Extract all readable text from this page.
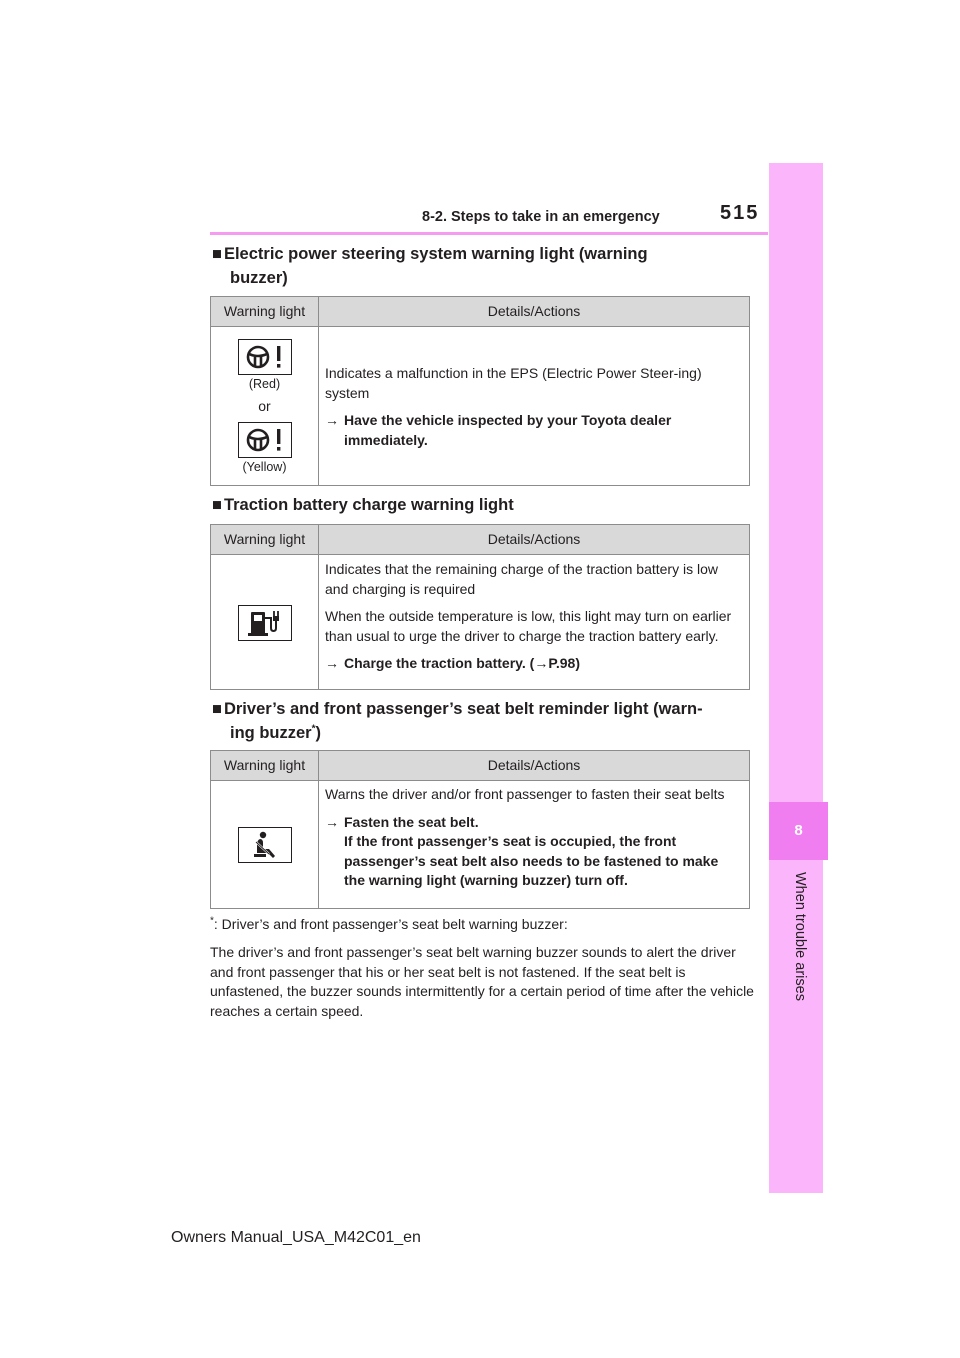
8-2. Steps to take in an emergency	515
8
When trouble arises
■ Electric power steering system warning light (warning
buzzer)
Warning light	Details/Actions
(Red)
or
(Yellow)

Indicates a malfunction in the EPS (Electric Power Steer-ing) system

→ Have the vehicle inspected by your Toyota dealer immediately.
■ Traction battery charge warning light
Warning light	Details/Actions

Indicates that the remaining charge of the traction battery is low and charging is required

When the outside temperature is low, this light may turn on earlier than usual to urge the driver to charge the traction battery early.

→ Charge the traction battery. (→P.98)
■ Driver’s and front passenger’s seat belt reminder light (warn-
ing buzzer*)
Warning light	Details/Actions

Warns the driver and/or front passenger to fasten their seat belts

→ Fasten the seat belt.
If the front passenger’s seat is occupied, the front passenger’s seat belt also needs to be fastened to make the warning light (warning buzzer) turn off.
*: Driver’s and front passenger’s seat belt warning buzzer:
The driver’s and front passenger’s seat belt warning buzzer sounds to alert the driver and front passenger that his or her seat belt is not fastened. If the seat belt is unfastened, the buzzer sounds intermittently for a certain period of time after the vehicle reaches a certain speed.
Owners Manual_USA_M42C01_en
